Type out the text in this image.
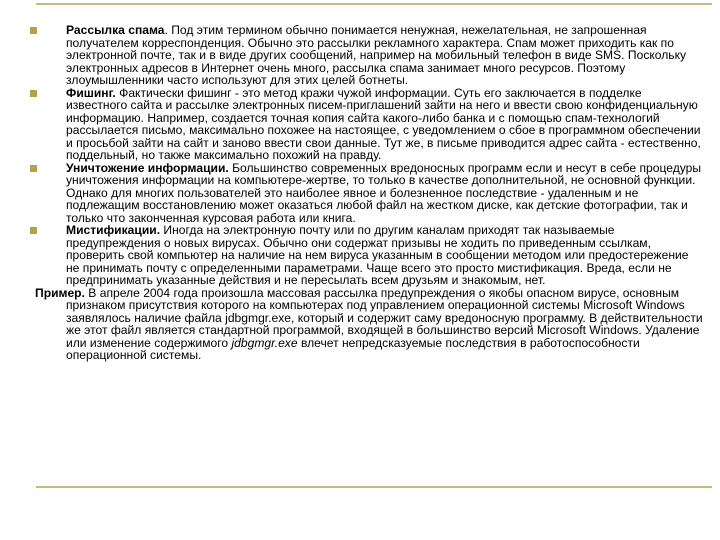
Рассылка спама. Под этим термином обычно понимается ненужная, нежелательная, не запрошенная получателем корреспонденция. Обычно это рассылки рекламного характера. Спам может приходить как по электронной почте, так и в виде других сообщений, например на мобильный телефон в виде SMS. Поскольку электронных адресов в Интернет очень много, рассылка спама занимает много ресурсов. Поэтому злоумышленники часто используют для этих целей ботнеты.

Фишинг. Фактически фишинг - это метод кражи чужой информации. Суть его заключается в подделке известного сайта и рассылке электронных писем-приглашений зайти на него и ввести свою конфиденциальную информацию. Например, создается точная копия сайта какого-либо банка и с помощью спам-технологий рассылается письмо, максимально похожее на настоящее, с уведомлением о сбое в программном обеспечении и просьбой зайти на сайт и заново ввести свои данные. Тут же, в письме приводится адрес сайта - естественно, поддельный, но также максимально похожий на правду.

Уничтожение информации. Большинство современных вредоносных программ если и несут в себе процедуры уничтожения информации на компьютере-жертве, то только в качестве дополнительной, не основной функции. Однако для многих пользователей это наиболее явное и болезненное последствие - удаленным и не подлежащим восстановлению может оказаться любой файл на жестком диске, как детские фотографии, так и только что законченная курсовая работа или книга.

Мистификации. Иногда на электронную почту или по другим каналам приходят так называемые предупреждения о новых вирусах. Обычно они содержат призывы не ходить по приведенным ссылкам, проверить свой компьютер на наличие на нем вируса указанным в сообщении методом или предостережение не принимать почту с определенными параметрами. Чаще всего это просто мистификация. Вреда, если не предпринимать указанные действия и не пересылать всем друзьям и знакомым, нет.

Пример. В апреле 2004 года произошла массовая рассылка предупреждения о якобы опасном вирусе, основным признаком присутствия которого на компьютерах под управлением операционной системы Microsoft Windows заявлялось наличие файла jdbgmgr.exe, который и содержит саму вредоносную программу. В действительности же этот файл является стандартной программой, входящей в большинство версий Microsoft Windows. Удаление или изменение содержимого jdbgmgr.exe влечет непредсказуемые последствия в работоспособности операционной системы.
